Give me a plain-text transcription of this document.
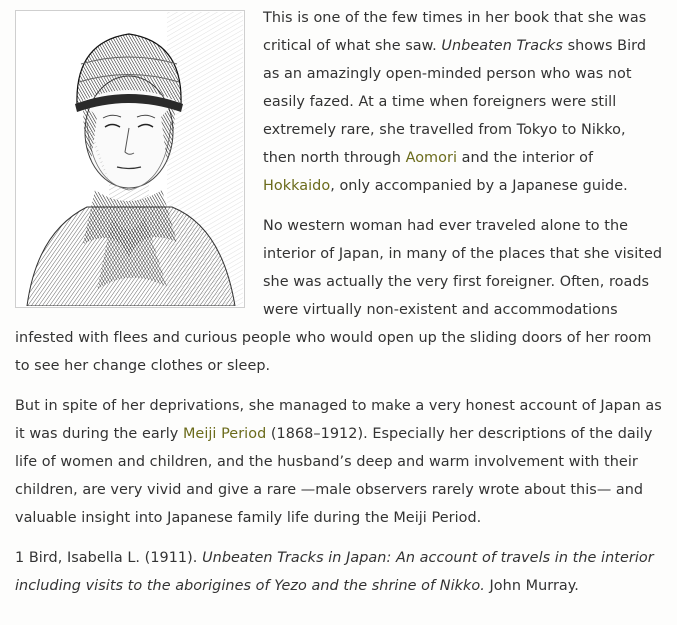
This is one of the few times in her book that she was critical of what she saw. Unbeaten Tracks shows Bird as an amazingly open-minded person who was not easily fazed. At a time when foreigners were still extremely rare, she travelled from Tokyo to Nikko, then north through Aomori and the interior of Hokkaido, only accompanied by a Japanese guide.

No western woman had ever traveled alone to the interior of Japan, in many of the places that she visited she was actually the very first foreigner. Often, roads were virtually non-existent and accommodations infested with flees and curious people who would open up the sliding doors of her room to see her change clothes or sleep.

But in spite of her deprivations, she managed to make a very honest account of Japan as it was during the early Meiji Period (1868–1912). Especially her descriptions of the daily life of women and children, and the husband’s deep and warm involvement with their children, are very vivid and give a rare —male observers rarely wrote about this— and valuable insight into Japanese family life during the Meiji Period.

1 Bird, Isabella L. (1911). Unbeaten Tracks in Japan: An account of travels in the interior including visits to the aborigines of Yezo and the shrine of Nikko. John Murray.
